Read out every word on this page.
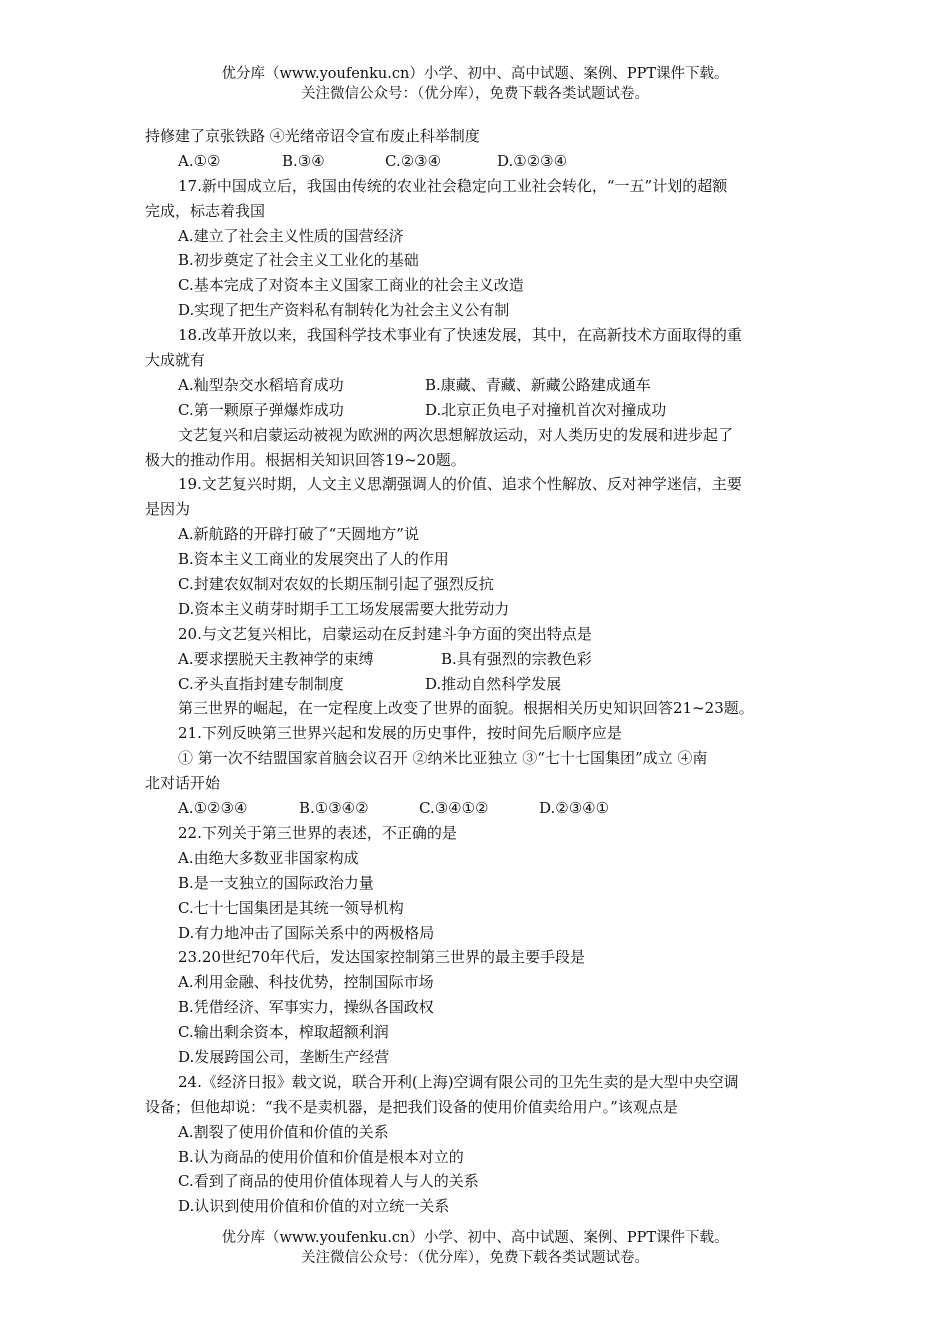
优分库（www.youfenku.cn）小学、初中、高中试题、案例、PPT课件下载。
关注微信公众号：（优分库），免费下载各类试题试卷。
持修建了京张铁路 ④光绪帝诏令宣布废止科举制度
A.①②	B.③④	C.②③④	D.①②③④
17.新中国成立后，我国由传统的农业社会稳定向工业社会转化，“一五”计划的超额
完成，标志着我国
A.建立了社会主义性质的国营经济
B.初步奠定了社会主义工业化的基础
C.基本完成了对资本主义国家工商业的社会主义改造
D.实现了把生产资料私有制转化为社会主义公有制
18.改革开放以来，我国科学技术事业有了快速发展，其中，在高新技术方面取得的重
大成就有
A.籼型杂交水稻培育成功	B.康藏、青藏、新藏公路建成通车
C.第一颗原子弹爆炸成功	D.北京正负电子对撞机首次对撞成功
文艺复兴和启蒙运动被视为欧洲的两次思想解放运动，对人类历史的发展和进步起了
极大的推动作用。根据相关知识回答19~20题。
19.文艺复兴时期，人文主义思潮强调人的价值、追求个性解放、反对神学迷信，主要
是因为
A.新航路的开辟打破了“天圆地方”说
B.资本主义工商业的发展突出了人的作用
C.封建农奴制对农奴的长期压制引起了强烈反抗
D.资本主义萌芽时期手工工场发展需要大批劳动力
20.与文艺复兴相比，启蒙运动在反封建斗争方面的突出特点是
A.要求摆脱天主教神学的束缚	B.具有强烈的宗教色彩
C.矛头直指封建专制制度	D.推动自然科学发展
第三世界的崛起，在一定程度上改变了世界的面貌。根据相关历史知识回答21~23题。
21.下列反映第三世界兴起和发展的历史事件，按时间先后顺序应是
① 第一次不结盟国家首脑会议召开 ②纳米比亚独立 ③“七十七国集团”成立 ④南
北对话开始
A.①②③④	B.①③④②	C.③④①②	D.②③④①
22.下列关于第三世界的表述，不正确的是
A.由绝大多数亚非国家构成
B.是一支独立的国际政治力量
C.七十七国集团是其统一领导机构
D.有力地冲击了国际关系中的两极格局
23.20世纪70年代后，发达国家控制第三世界的最主要手段是
A.利用金融、科技优势，控制国际市场
B.凭借经济、军事实力，操纵各国政权
C.输出剩余资本，榨取超额利润
D.发展跨国公司，垄断生产经营
24.《经济日报》载文说，联合开利(上海)空调有限公司的卫先生卖的是大型中央空调
设备；但他却说：“我不是卖机器，是把我们设备的使用价值卖给用户。”该观点是
A.割裂了使用价值和价值的关系
B.认为商品的使用价值和价值是根本对立的
C.看到了商品的使用价值体现着人与人的关系
D.认识到使用价值和价值的对立统一关系
优分库（www.youfenku.cn）小学、初中、高中试题、案例、PPT课件下载。
关注微信公众号：（优分库），免费下载各类试题试卷。
